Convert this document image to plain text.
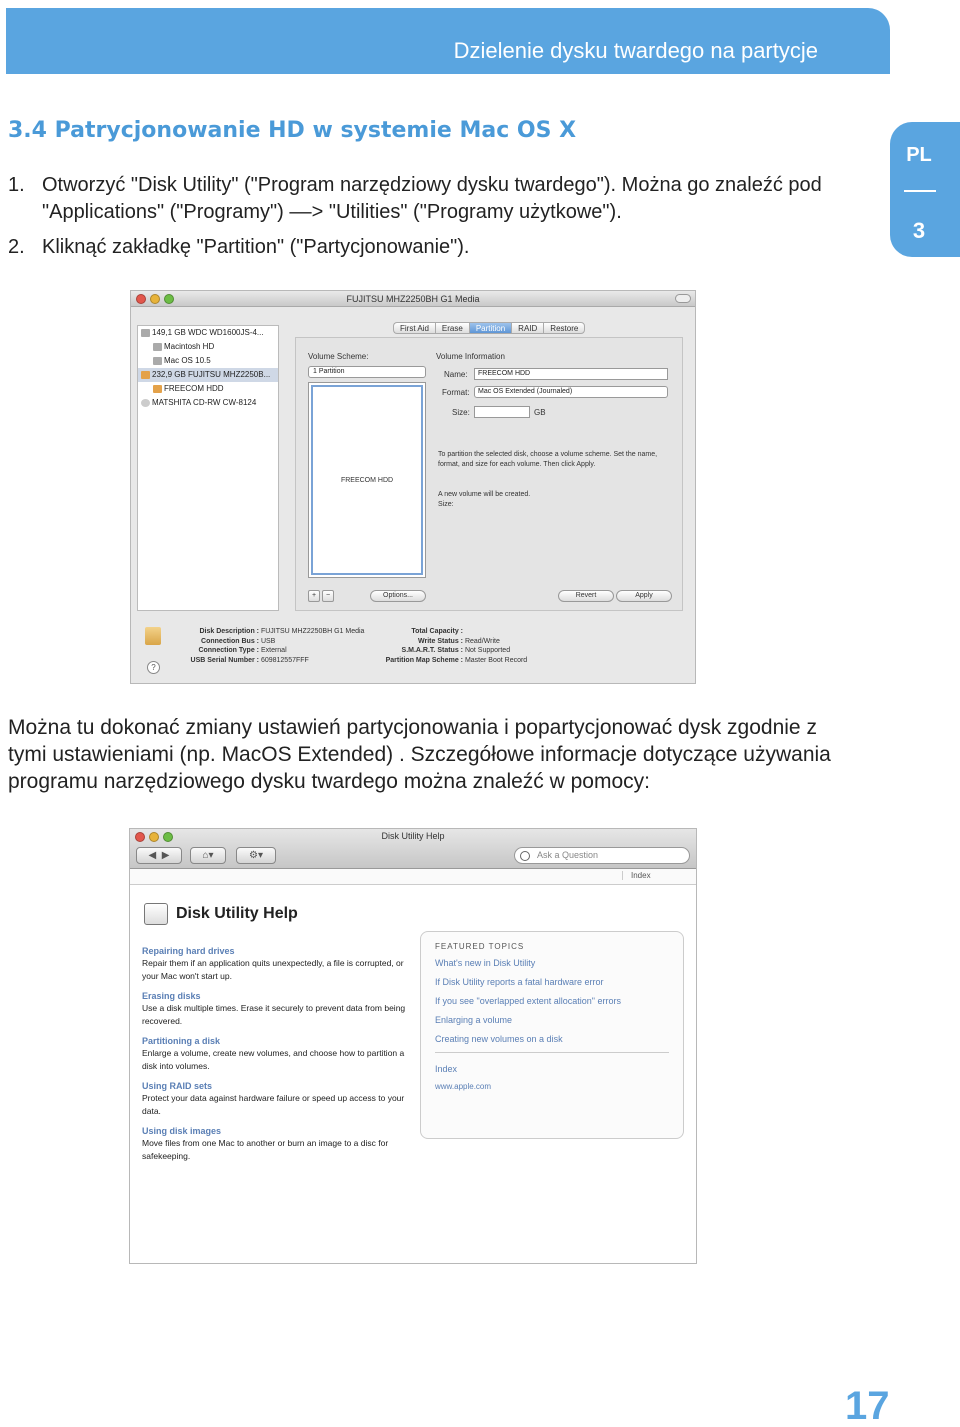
Dzielenie dysku twardego na partycje
PL
3
3.4 Patrycjonowanie HD w systemie Mac OS X
1. Otworzyć "Disk Utility" ("Program narzędziowy dysku twardego"). Można go znaleźć pod "Applications" ("Programy") ––> "Utilities" ("Programy użytkowe").
2. Kliknąć zakładkę "Partition" ("Partycjonowanie").
FUJITSU MHZ2250BH G1 Media
149,1 GB WDC WD1600JS-4...
Macintosh HD
Mac OS 10.5
232,9 GB FUJITSU MHZ2250B...
FREECOM HDD
MATSHITA CD-RW CW-8124
First Aid	Erase	Partition	RAID	Restore
Volume Scheme:
1 Partition
FREECOM HDD
Volume Information
Name:	FREECOM HDD
Format:	Mac OS Extended (Journaled)
Size:	GB
To partition the selected disk, choose a volume scheme. Set the name, format, and size for each volume. Then click Apply.
A new volume will be created.
Size:
+	−	Options...	Revert	Apply
?
Disk Description : FUJITSU MHZ2250BH G1 Media
Connection Bus : USB
Connection Type : External
USB Serial Number : 609812557FFF
Total Capacity :
Write Status : Read/Write
S.M.A.R.T. Status : Not Supported
Partition Map Scheme : Master Boot Record
Można tu dokonać zmiany ustawień partycjonowania i popartycjonować dysk zgodnie z tymi ustawieniami (np. MacOS Extended) . Szczegółowe informacje dotyczące używania programu narzędziowego dysku twardego można znaleźć w pomocy:
Disk Utility Help
◀
▶	⌂▾	⚙▾	Ask a Question
Index
Disk Utility Help
Repairing hard drives
Repair them if an application quits unexpectedly, a file is corrupted, or your Mac won't start up.
Erasing disks
Use a disk multiple times. Erase it securely to prevent data from being recovered.
Partitioning a disk
Enlarge a volume, create new volumes, and choose how to partition a disk into volumes.
Using RAID sets
Protect your data against hardware failure or speed up access to your data.
Using disk images
Move files from one Mac to another or burn an image to a disc for safekeeping.
FEATURED TOPICS
What's new in Disk Utility
If Disk Utility reports a fatal hardware error
If you see "overlapped extent allocation" errors
Enlarging a volume
Creating new volumes on a disk
Index
www.apple.com
17
